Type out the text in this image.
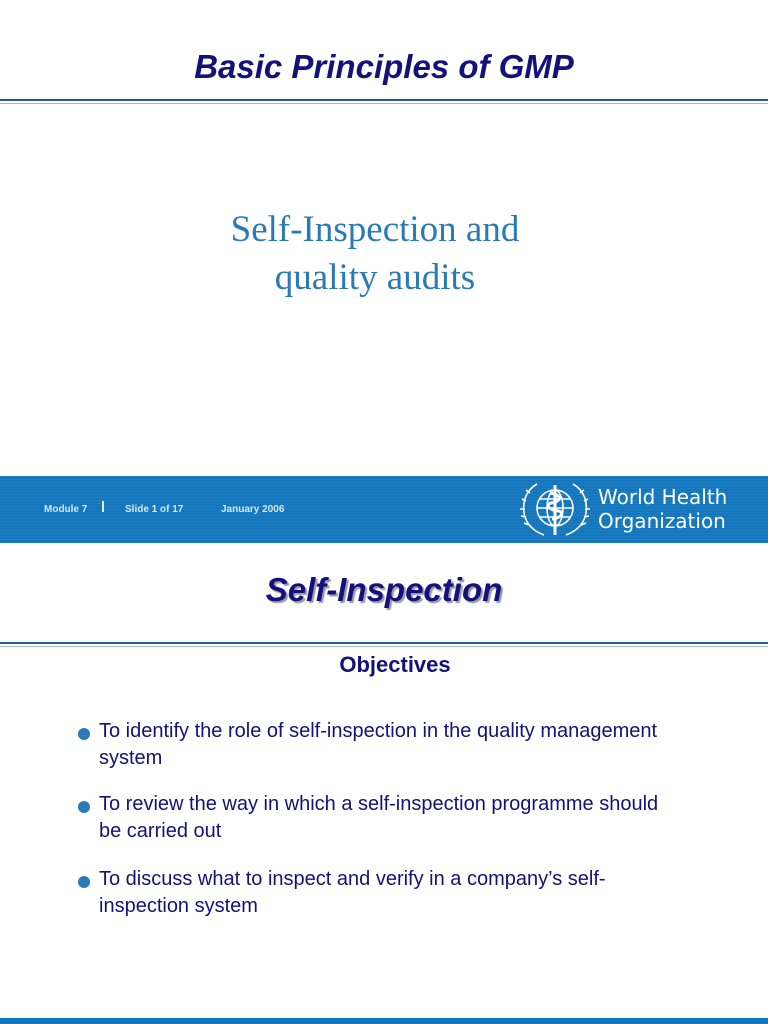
Basic Principles of GMP
Self-Inspection and
quality audits
Module 7	Slide 1 of 17	January 2006
World Health
Organization
Self-Inspection
Objectives
To identify the role of self-inspection in the quality management
system
To review the way in which a self-inspection programme should
be carried out
To discuss what to inspect and verify in a company’s self-
inspection system
